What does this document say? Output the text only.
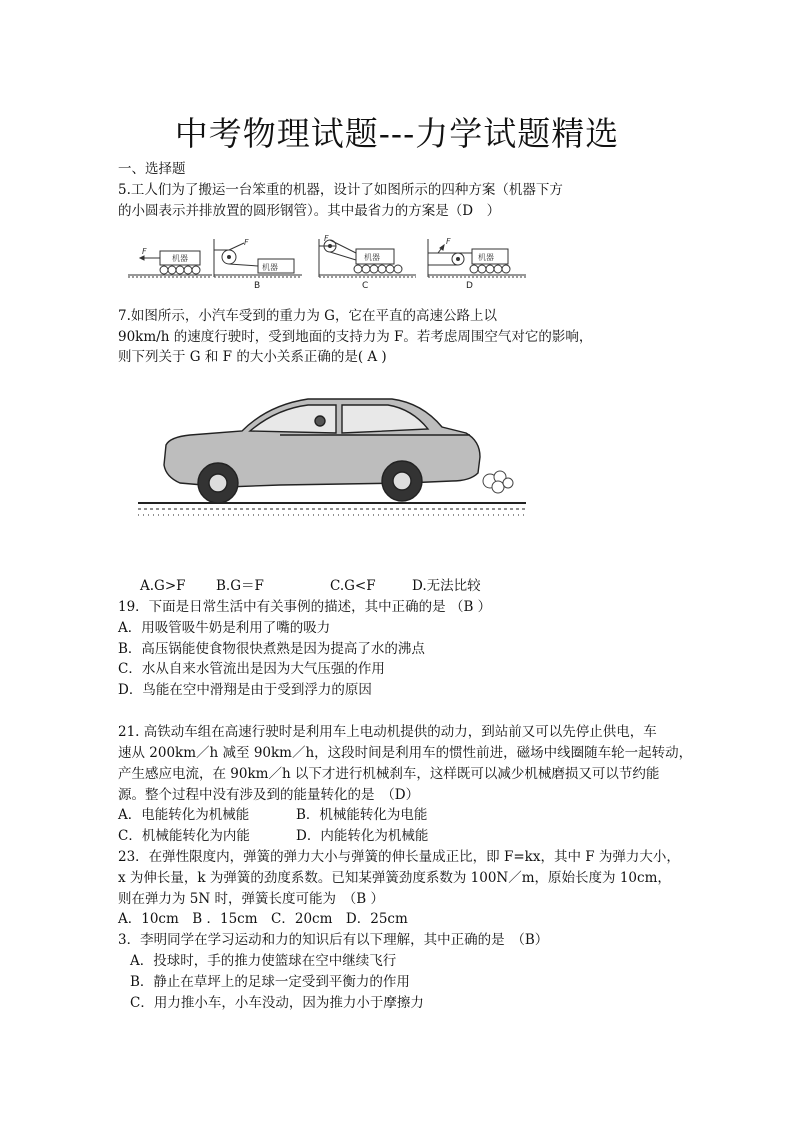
中考物理试题---力学试题精选
一、选择题
5.工人们为了搬运一台笨重的机器，设计了如图所示的四种方案（机器下方
的小圆表示并排放置的圆形钢管）。其中最省力的方案是（D　）
机器
机器
机器	机器
F
F	F	F
B	C	D
7.如图所示，小汽车受到的重力为 G，它在平直的高速公路上以
90km/h 的速度行驶时，受到地面的支持力为 F。若考虑周围空气对它的影响，
则下列关于 G 和 F 的大小关系正确的是( A )
A.G>F B.G＝F	C.G<F	D.无法比较
19．下面是日常生活中有关事例的描述，其中正确的是 （B ）
A．用吸管吸牛奶是利用了嘴的吸力
B．高压锅能使食物很快煮熟是因为提高了水的沸点
C．水从自来水管流出是因为大气压强的作用
D．鸟能在空中滑翔是由于受到浮力的原因
21. 高铁动车组在高速行驶时是利用车上电动机提供的动力，到站前又可以先停止供电，车
速从 200km／h 减至 90km／h，这段时间是利用车的惯性前进，磁场中线圈随车轮一起转动，
产生感应电流，在 90km／h 以下才进行机械刹车，这样既可以减少机械磨损又可以节约能
源。整个过程中没有涉及到的能量转化的是　（D）
A．电能转化为机械能	B．机械能转化为电能
C．机械能转化为内能	D．内能转化为机械能
23．在弹性限度内，弹簧的弹力大小与弹簧的伸长量成正比，即 F=kx，其中 F 为弹力大小，
x 为伸长量，k 为弹簧的劲度系数。已知某弹簧劲度系数为 100N／m，原始长度为 10cm，
则在弹力为 5N 时，弹簧长度可能为　（B ）
A．10cm　B ．15cm　C．20cm　D．25cm
3．李明同学在学习运动和力的知识后有以下理解，其中正确的是　（B）
A．投球时，手的推力使篮球在空中继续飞行
B．静止在草坪上的足球一定受到平衡力的作用
C．用力推小车，小车没动，因为推力小于摩擦力
